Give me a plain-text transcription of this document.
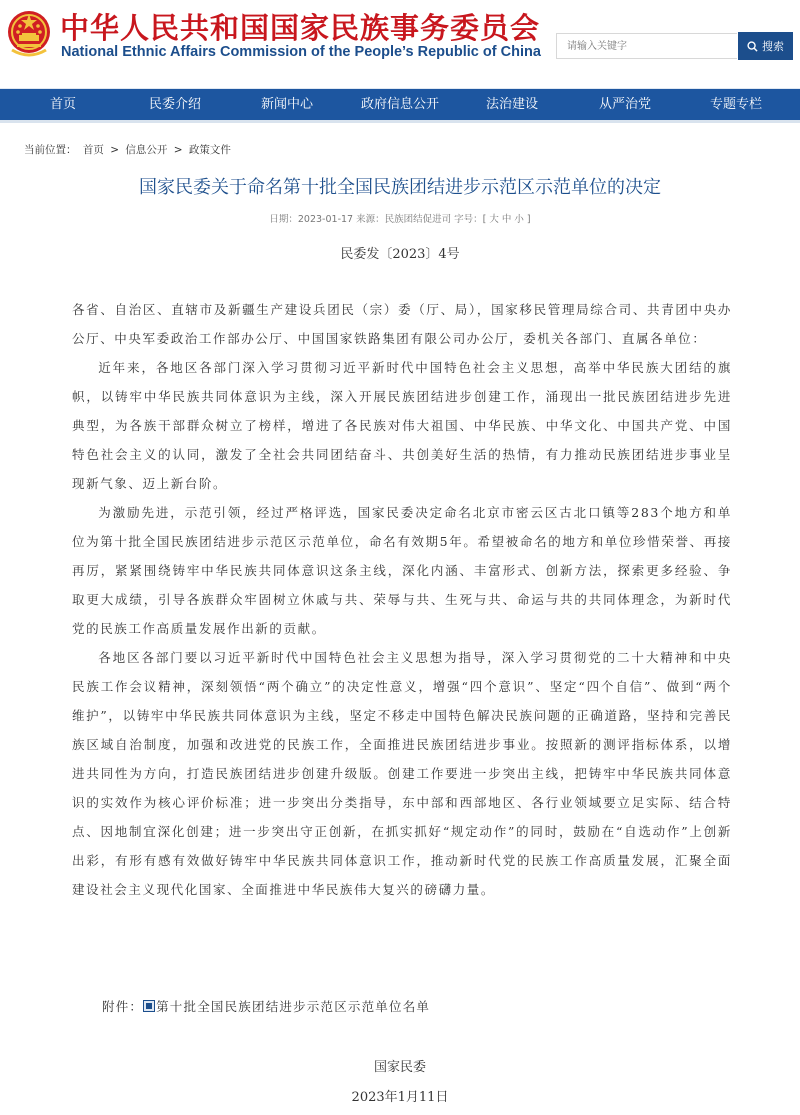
中华人民共和国国家民族事务委员会
National Ethnic Affairs Commission of the People’s Republic of China
请输入关键字	搜索
首页	民委介绍	新闻中心	政府信息公开	法治建设	从严治党	专题专栏
当前位置： 首页 > 信息公开 > 政策文件
国家民委关于命名第十批全国民族团结进步示范区示范单位的决定
日期：2023-01-17 来源：民族团结促进司 字号：[ 大 中 小 ]
民委发〔2023〕4号

各省、自治区、直辖市及新疆生产建设兵团民（宗）委（厅、局），国家移民管理局综合司、共青团中央办公厅、中央军委政治工作部办公厅、中国国家铁路集团有限公司办公厅，委机关各部门、直属各单位：

近年来，各地区各部门深入学习贯彻习近平新时代中国特色社会主义思想，高举中华民族大团结的旗帜，以铸牢中华民族共同体意识为主线，深入开展民族团结进步创建工作，涌现出一批民族团结进步先进典型，为各族干部群众树立了榜样，增进了各民族对伟大祖国、中华民族、中华文化、中国共产党、中国特色社会主义的认同，激发了全社会共同团结奋斗、共创美好生活的热情，有力推动民族团结进步事业呈现新气象、迈上新台阶。

为激励先进，示范引领，经过严格评选，国家民委决定命名北京市密云区古北口镇等283个地方和单位为第十批全国民族团结进步示范区示范单位，命名有效期5年。希望被命名的地方和单位珍惜荣誉、再接再厉，紧紧围绕铸牢中华民族共同体意识这条主线，深化内涵、丰富形式、创新方法，探索更多经验、争取更大成绩，引导各族群众牢固树立休戚与共、荣辱与共、生死与共、命运与共的共同体理念，为新时代党的民族工作高质量发展作出新的贡献。

各地区各部门要以习近平新时代中国特色社会主义思想为指导，深入学习贯彻党的二十大精神和中央民族工作会议精神，深刻领悟“两个确立”的决定性意义，增强“四个意识”、坚定“四个自信”、做到“两个维护”，以铸牢中华民族共同体意识为主线，坚定不移走中国特色解决民族问题的正确道路，坚持和完善民族区域自治制度，加强和改进党的民族工作，全面推进民族团结进步事业。按照新的测评指标体系，以增进共同性为方向，打造民族团结进步创建升级版。创建工作要进一步突出主线，把铸牢中华民族共同体意识的实效作为核心评价标准；进一步突出分类指导，东中部和西部地区、各行业领域要立足实际、结合特点、因地制宜深化创建；进一步突出守正创新，在抓实抓好“规定动作”的同时，鼓励在“自选动作”上创新出彩，有形有感有效做好铸牢中华民族共同体意识工作，推动新时代党的民族工作高质量发展，汇聚全面建设社会主义现代化国家、全面推进中华民族伟大复兴的磅礴力量。

附件： 第十批全国民族团结进步示范区示范单位名单
国家民委
2023年1月11日
